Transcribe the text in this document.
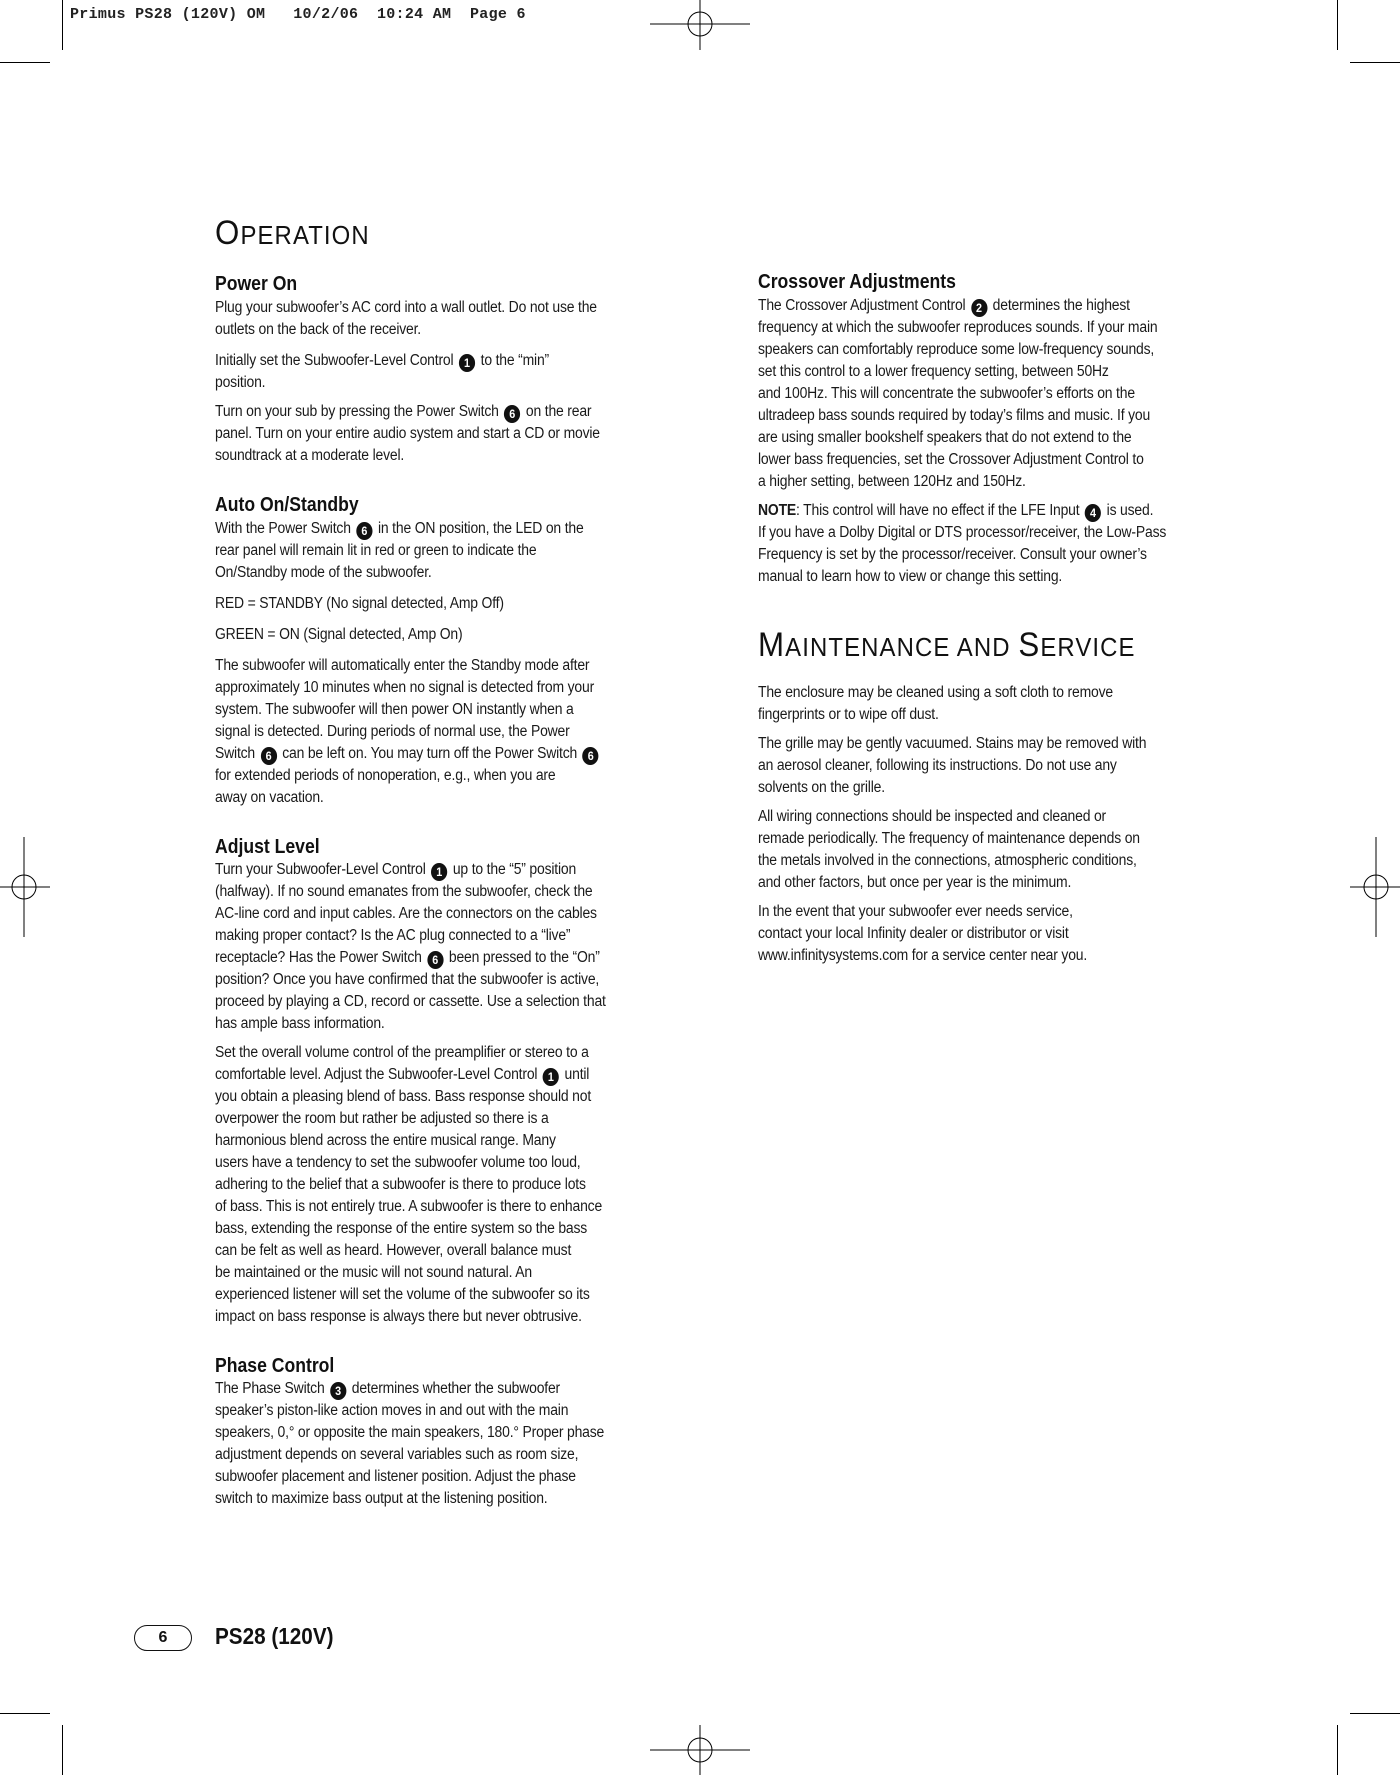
Primus PS28 (120V) OM   10/2/06  10:24 AM  Page 6
OPERATION
Power On
Plug your subwoofer’s AC cord into a wall outlet. Do not use the
outlets on the back of the receiver.
Initially set the Subwoofer-Level Control 1 to the “min”
position.
Turn on your sub by pressing the Power Switch 6 on the rear
panel. Turn on your entire audio system and start a CD or movie
soundtrack at a moderate level.
Auto On/Standby
With the Power Switch 6 in the ON position, the LED on the
rear panel will remain lit in red or green to indicate the
On/Standby mode of the subwoofer.
RED = STANDBY (No signal detected, Amp Off)
GREEN = ON (Signal detected, Amp On)
The subwoofer will automatically enter the Standby mode after
approximately 10 minutes when no signal is detected from your
system. The subwoofer will then power ON instantly when a
signal is detected. During periods of normal use, the Power
Switch 6 can be left on. You may turn off the Power Switch 6
for extended periods of nonoperation, e.g., when you are
away on vacation.
Adjust Level
Turn your Subwoofer-Level Control 1 up to the “5” position
(halfway). If no sound emanates from the subwoofer, check the
AC-line cord and input cables. Are the connectors on the cables
making proper contact? Is the AC plug connected to a “live”
receptacle? Has the Power Switch 6 been pressed to the “On”
position? Once you have confirmed that the subwoofer is active,
proceed by playing a CD, record or cassette. Use a selection that
has ample bass information.
Set the overall volume control of the preamplifier or stereo to a
comfortable level. Adjust the Subwoofer-Level Control 1 until
you obtain a pleasing blend of bass. Bass response should not
overpower the room but rather be adjusted so there is a
harmonious blend across the entire musical range. Many
users have a tendency to set the subwoofer volume too loud,
adhering to the belief that a subwoofer is there to produce lots
of bass. This is not entirely true. A subwoofer is there to enhance
bass, extending the response of the entire system so the bass
can be felt as well as heard. However, overall balance must
be maintained or the music will not sound natural. An
experienced listener will set the volume of the subwoofer so its
impact on bass response is always there but never obtrusive.
Phase Control
The Phase Switch 3 determines whether the subwoofer
speaker’s piston-like action moves in and out with the main
speakers, 0,° or opposite the main speakers, 180.° Proper phase
adjustment depends on several variables such as room size,
subwoofer placement and listener position. Adjust the phase
switch to maximize bass output at the listening position.
Crossover Adjustments
The Crossover Adjustment Control 2 determines the highest
frequency at which the subwoofer reproduces sounds. If your main
speakers can comfortably reproduce some low-frequency sounds,
set this control to a lower frequency setting, between 50Hz
and 100Hz. This will concentrate the subwoofer’s efforts on the
ultradeep bass sounds required by today’s films and music. If you
are using smaller bookshelf speakers that do not extend to the
lower bass frequencies, set the Crossover Adjustment Control to
a higher setting, between 120Hz and 150Hz.
NOTE: This control will have no effect if the LFE Input 4 is used.
If you have a Dolby Digital or DTS processor/receiver, the Low-Pass
Frequency is set by the processor/receiver. Consult your owner’s
manual to learn how to view or change this setting.
MAINTENANCE AND SERVICE
The enclosure may be cleaned using a soft cloth to remove
fingerprints or to wipe off dust.
The grille may be gently vacuumed. Stains may be removed with
an aerosol cleaner, following its instructions. Do not use any
solvents on the grille.
All wiring connections should be inspected and cleaned or
remade periodically. The frequency of maintenance depends on
the metals involved in the connections, atmospheric conditions,
and other factors, but once per year is the minimum.
In the event that your subwoofer ever needs service,
contact your local Infinity dealer or distributor or visit
www.infinitysystems.com for a service center near you.
6	PS28 (120V)
